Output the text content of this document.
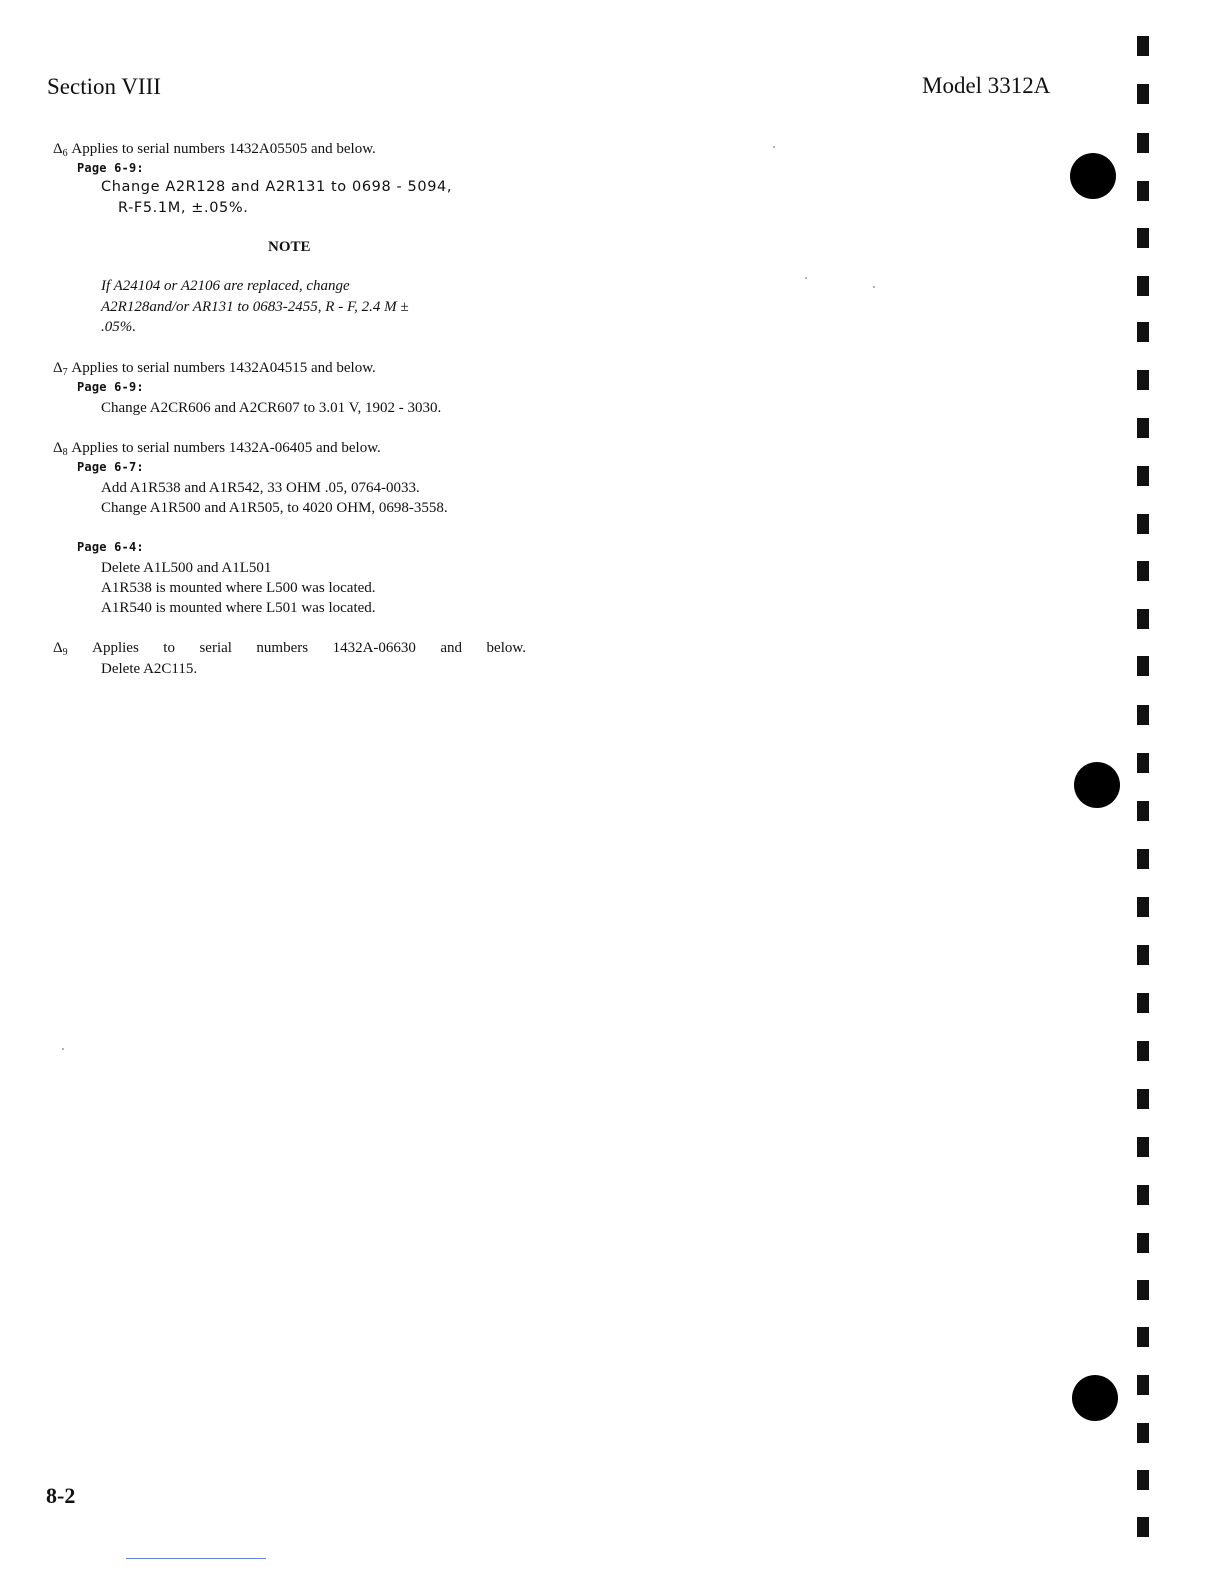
Section VIII	Model 3312A
$\Delta_6$ Applies to serial numbers 1432A05505 and below.
Page 6-9:
Change A2R128 and A2R131 to 0698 - 5094,
R-F5.1M, ±.05%.
NOTE
If A24104 or A2106 are replaced, change
A2R128and/or AR131 to 0683-2455, R - F, 2.4 M ±
.05%.
$\Delta_7$ Applies to serial numbers 1432A04515 and below.
Page 6-9:
Change A2CR606 and A2CR607 to 3.01 V, 1902 - 3030.
$\Delta_8$ Applies to serial numbers 1432A-06405 and below.
Page 6-7:
Add A1R538 and A1R542, 33 OHM .05, 0764-0033.
Change A1R500 and A1R505, to 4020 OHM, 0698-3558.
Page 6-4:
Delete A1L500 and A1L501
A1R538 is mounted where L500 was located.
A1R540 is mounted where L501 was located.
$\Delta_9$ Applies to serial numbers 1432A-06630 and below.
Delete A2C115.
8-2
